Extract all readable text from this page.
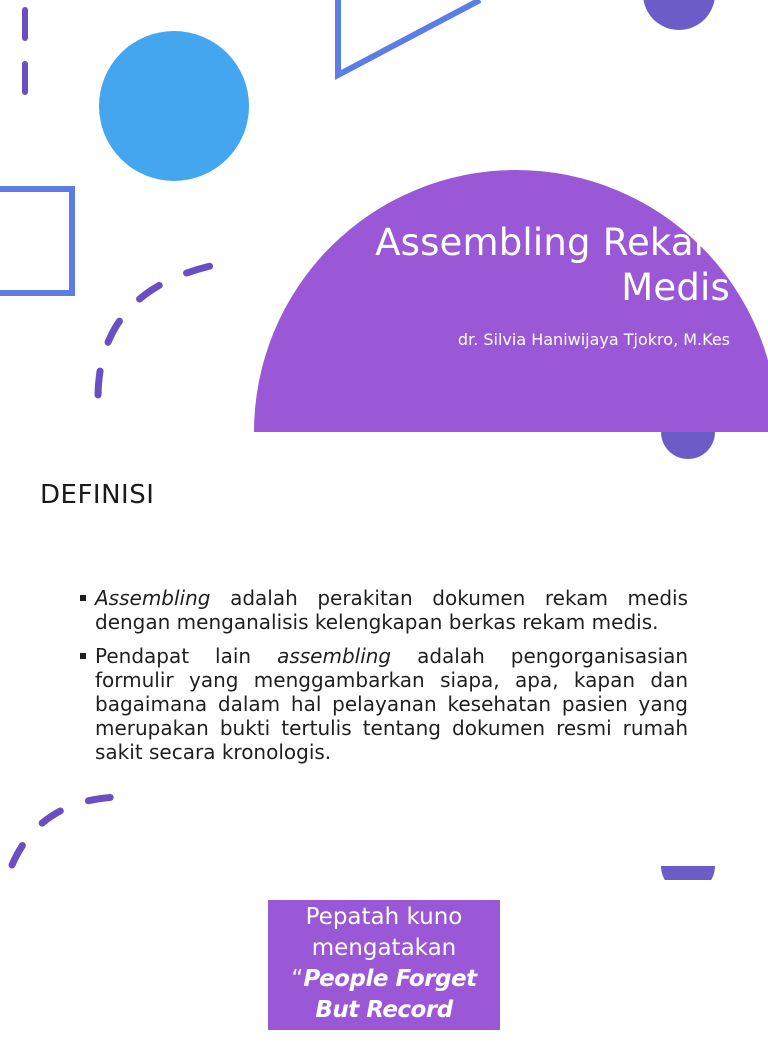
Assembling Rekam
Medis
dr. Silvia Haniwijaya Tjokro, M.Kes
DEFINISI
Assembling adalah perakitan dokumen rekam medis dengan menganalisis kelengkapan berkas rekam medis.
Pendapat lain assembling adalah pengorganisasian formulir yang menggambarkan siapa, apa, kapan dan bagaimana dalam hal pelayanan kesehatan pasien yang merupakan bukti tertulis tentang dokumen resmi rumah sakit secara kronologis.
Pepatah kuno mengatakan
“People Forget But Record Remember”,
